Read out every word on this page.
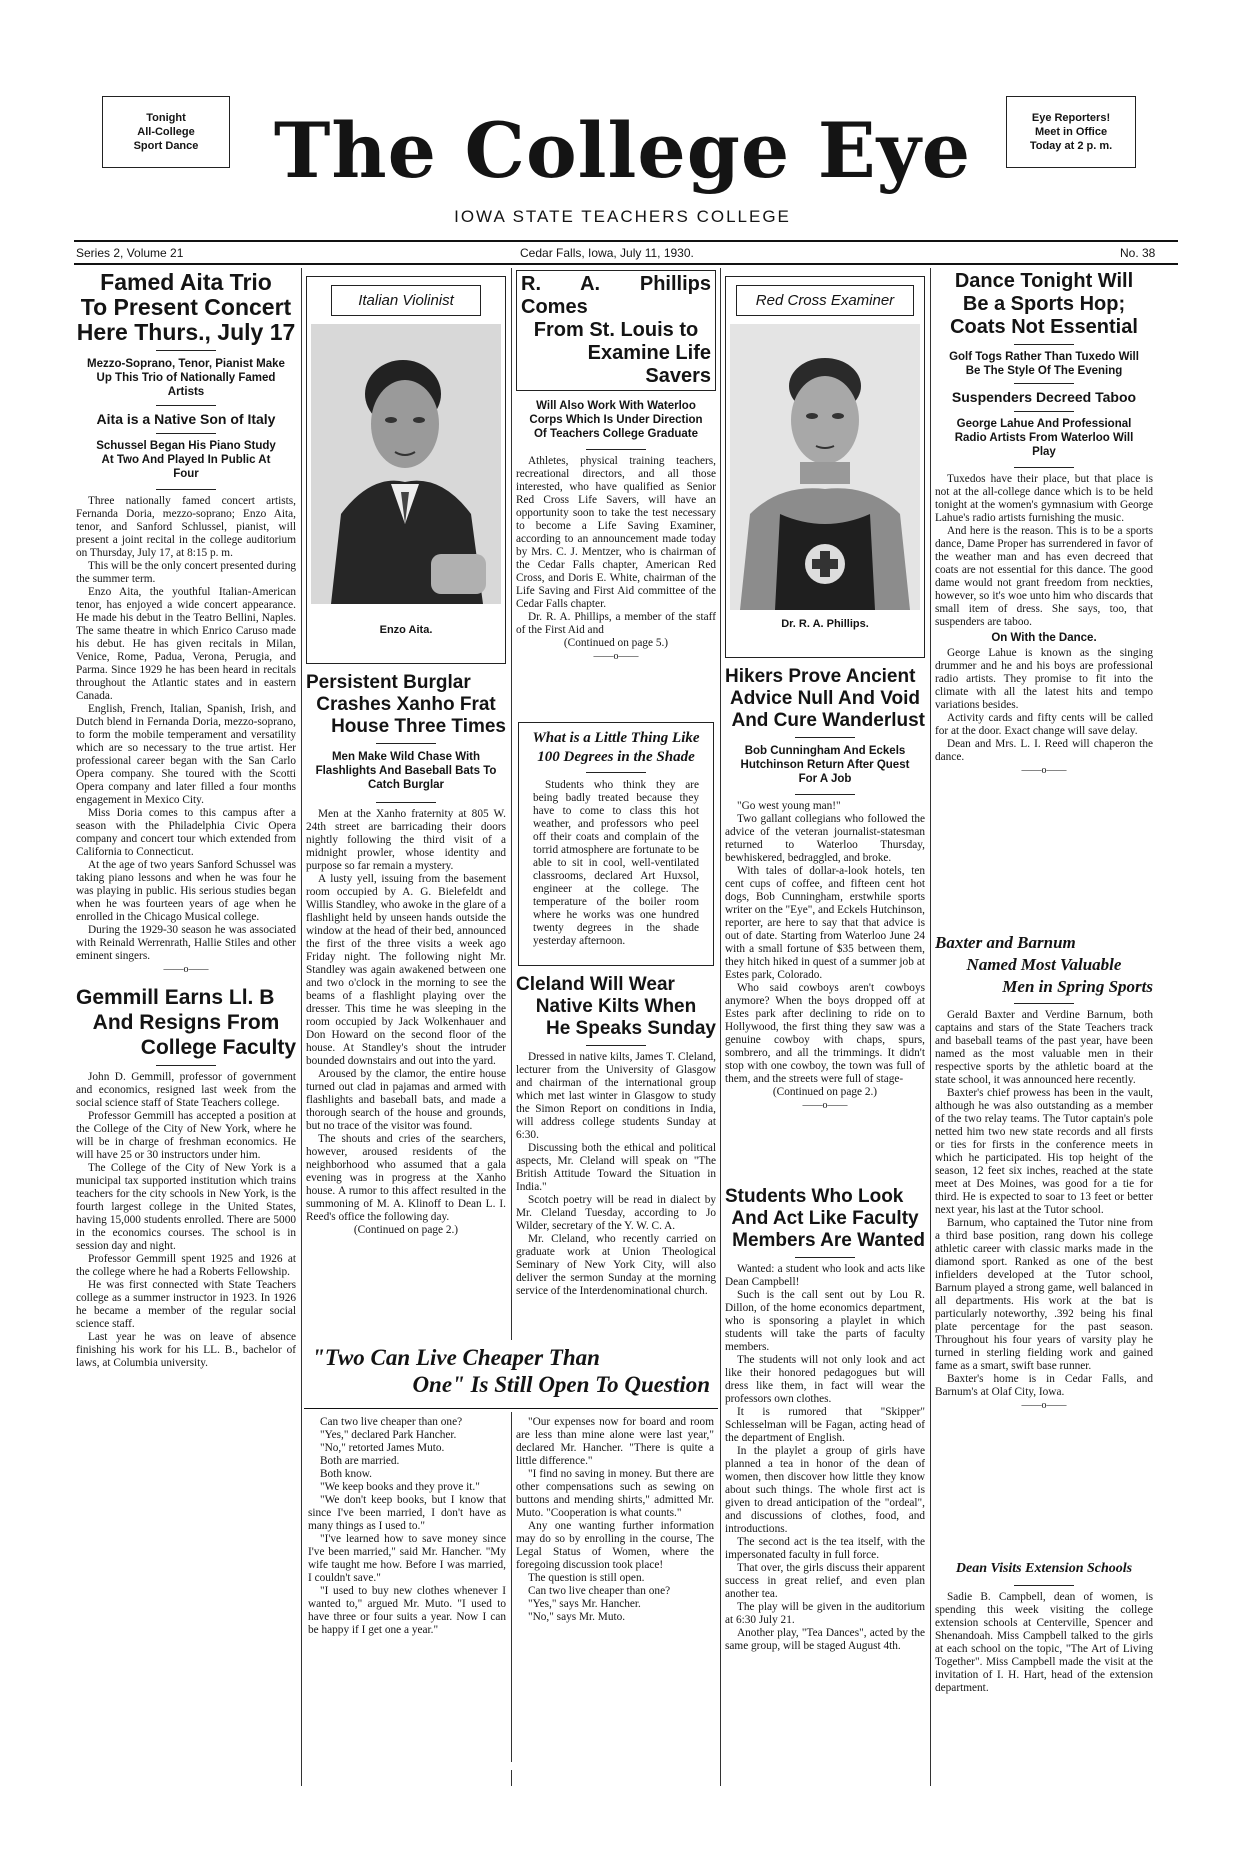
Tonight
All-College
Sport Dance
Eye Reporters!
Meet in Office
Today at 2 p. m.
The College Eye
IOWA STATE TEACHERS COLLEGE
Series 2, Volume 21	Cedar Falls, Iowa, July 11, 1930.	No. 38
Famed Aita Trio
To Present Concert
Here Thurs., July 17

Mezzo-Soprano, Tenor, Pianist Make Up This Trio of Nationally Famed Artists

Aita is a Native Son of Italy

Schussel Began His Piano Study At Two And Played In Public At Four

Three nationally famed concert artists, Fernanda Doria, mezzo-soprano; Enzo Aita, tenor, and Sanford Schlussel, pianist, will present a joint recital in the college auditorium on Thursday, July 17, at 8:15 p. m.

This will be the only concert presented during the summer term.

Enzo Aita, the youthful Italian-American tenor, has enjoyed a wide concert appearance. He made his debut in the Teatro Bellini, Naples. The same theatre in which Enrico Caruso made his debut. He has given recitals in Milan, Venice, Rome, Padua, Verona, Perugia, and Parma. Since 1929 he has been heard in recitals throughout the Atlantic states and in eastern Canada.

English, French, Italian, Spanish, Irish, and Dutch blend in Fernanda Doria, mezzo-soprano, to form the mobile temperament and versatility which are so necessary to the true artist. Her professional career began with the San Carlo Opera company. She toured with the Scotti Opera company and later filled a four months engagement in Mexico City.

Miss Doria comes to this campus after a season with the Philadelphia Civic Opera company and concert tour which extended from California to Connecticut.

At the age of two years Sanford Schussel was taking piano lessons and when he was four he was playing in public. His serious studies began when he was fourteen years of age when he enrolled in the Chicago Musical college.

During the 1929-30 season he was associated with Reinald Werrenrath, Hallie Stiles and other eminent singers.

——o——
Gemmill Earns Ll. B
And Resigns From
College Faculty

John D. Gemmill, professor of government and economics, resigned last week from the social science staff of State Teachers college.

Professor Gemmill has accepted a position at the College of the City of New York, where he will be in charge of freshman economics. He will have 25 or 30 instructors under him.

The College of the City of New York is a municipal tax supported institution which trains teachers for the city schools in New York, is the fourth largest college in the United States, having 15,000 students enrolled. There are 5000 in the economics courses. The school is in session day and night.

Professor Gemmill spent 1925 and 1926 at the college where he had a Roberts Fellowship.

He was first connected with State Teachers college as a summer instructor in 1923. In 1926 he became a member of the regular social science staff.

Last year he was on leave of absence finishing his work for his LL. B., bachelor of laws, at Columbia university.

Italian Violinist
Enzo Aita.
Persistent Burglar
Crashes Xanho Frat
House Three Times

Men Make Wild Chase With Flashlights And Baseball Bats To Catch Burglar

Men at the Xanho fraternity at 805 W. 24th street are barricading their doors nightly following the third visit of a midnight prowler, whose identity and purpose so far remain a mystery.

A lusty yell, issuing from the basement room occupied by A. G. Bielefeldt and Willis Standley, who awoke in the glare of a flashlight held by unseen hands outside the window at the head of their bed, announced the first of the three visits a week ago Friday night. The following night Mr. Standley was again awakened between one and two o'clock in the morning to see the beams of a flashlight playing over the dresser. This time he was sleeping in the room occupied by Jack Wolkenhauer and Don Howard on the second floor of the house. At Standley's shout the intruder bounded downstairs and out into the yard.

Aroused by the clamor, the entire house turned out clad in pajamas and armed with flashlights and baseball bats, and made a thorough search of the house and grounds, but no trace of the visitor was found.

The shouts and cries of the searchers, however, aroused residents of the neighborhood who assumed that a gala evening was in progress at the Xanho house. A rumor to this affect resulted in the summoning of M. A. Klinoff to Dean L. I. Reed's office the following day.

(Continued on page 2.)
R. A. Phillips Comes
From St. Louis to
Examine Life Savers

Will Also Work With Waterloo Corps Which Is Under Direction Of Teachers College Graduate

Athletes, physical training teachers, recreational directors, and all those interested, who have qualified as Senior Red Cross Life Savers, will have an opportunity soon to take the test necessary to become a Life Saving Examiner, according to an announcement made today by Mrs. C. J. Mentzer, who is chairman of the Cedar Falls chapter, American Red Cross, and Doris E. White, chairman of the Life Saving and First Aid committee of the Cedar Falls chapter.

Dr. R. A. Phillips, a member of the staff of the First Aid and

(Continued on page 5.)
——o——
What is a Little Thing Like 100 Degrees in the Shade

Students who think they are being badly treated because they have to come to class this hot weather, and professors who peel off their coats and complain of the torrid atmosphere are fortunate to be able to sit in cool, well-ventilated classrooms, declared Art Huxsol, engineer at the college. The temperature of the boiler room where he works was one hundred twenty degrees in the shade yesterday afternoon.

Cleland Will Wear
Native Kilts When
He Speaks Sunday

Dressed in native kilts, James T. Cleland, lecturer from the University of Glasgow and chairman of the international group which met last winter in Glasgow to study the Simon Report on conditions in India, will address college students Sunday at 6:30.

Discussing both the ethical and political aspects, Mr. Cleland will speak on "The British Attitude Toward the Situation in India."

Scotch poetry will be read in dialect by Mr. Cleland Tuesday, according to Jo Wilder, secretary of the Y. W. C. A.

Mr. Cleland, who recently carried on graduate work at Union Theological Seminary of New York City, will also deliver the sermon Sunday at the morning service of the Interdenominational church.

Red Cross Examiner
Dr. R. A. Phillips.
Hikers Prove Ancient
Advice Null And Void
And Cure Wanderlust

Bob Cunningham And Eckels Hutchinson Return After Quest For A Job

"Go west young man!"

Two gallant collegians who followed the advice of the veteran journalist-statesman returned to Waterloo Thursday, bewhiskered, bedraggled, and broke.

With tales of dollar-a-look hotels, ten cent cups of coffee, and fifteen cent hot dogs, Bob Cunningham, erstwhile sports writer on the "Eye", and Eckels Hutchinson, reporter, are here to say that that advice is out of date. Starting from Waterloo June 24 with a small fortune of $35 between them, they hitch hiked in quest of a summer job at Estes park, Colorado.

Who said cowboys aren't cowboys anymore? When the boys dropped off at Estes park after declining to ride on to Hollywood, the first thing they saw was a genuine cowboy with chaps, spurs, sombrero, and all the trimmings. It didn't stop with one cowboy, the town was full of them, and the streets were full of stage-

(Continued on page 2.)
——o——
Students Who Look
And Act Like Faculty
Members Are Wanted

Wanted: a student who look and acts like Dean Campbell!

Such is the call sent out by Lou R. Dillon, of the home economics department, who is sponsoring a playlet in which students will take the parts of faculty members.

The students will not only look and act like their honored pedagogues but will dress like them, in fact will wear the professors own clothes.

It is rumored that "Skipper" Schlesselman will be Fagan, acting head of the department of English.

In the playlet a group of girls have planned a tea in honor of the dean of women, then discover how little they know about such things. The whole first act is given to dread anticipation of the "ordeal", and discussions of clothes, food, and introductions.

The second act is the tea itself, with the impersonated faculty in full force.

That over, the girls discuss their apparent success in great relief, and even plan another tea.

The play will be given in the auditorium at 6:30 July 21.

Another play, "Tea Dances", acted by the same group, will be staged August 4th.

Dance Tonight Will
Be a Sports Hop;
Coats Not Essential

Golf Togs Rather Than Tuxedo Will Be The Style Of The Evening

Suspenders Decreed Taboo

George Lahue And Professional Radio Artists From Waterloo Will Play

Tuxedos have their place, but that place is not at the all-college dance which is to be held tonight at the women's gymnasium with George Lahue's radio artists furnishing the music.

And here is the reason. This is to be a sports dance, Dame Proper has surrendered in favor of the weather man and has even decreed that coats are not essential for this dance. The good dame would not grant freedom from neckties, however, so it's woe unto him who discards that small item of dress. She says, too, that suspenders are taboo.

On With the Dance.

George Lahue is known as the singing drummer and he and his boys are professional radio artists. They promise to fit into the climate with all the latest hits and tempo variations besides.

Activity cards and fifty cents will be called for at the door. Exact change will save delay.

Dean and Mrs. L. I. Reed will chaperon the dance.

——o——
Baxter and Barnum
Named Most Valuable
Men in Spring Sports

Gerald Baxter and Verdine Barnum, both captains and stars of the State Teachers track and baseball teams of the past year, have been named as the most valuable men in their respective sports by the athletic board at the state school, it was announced here recently.

Baxter's chief prowess has been in the vault, although he was also outstanding as a member of the two relay teams. The Tutor captain's pole netted him two new state records and all firsts or ties for firsts in the conference meets in which he participated. His top height of the season, 12 feet six inches, reached at the state meet at Des Moines, was good for a tie for third. He is expected to soar to 13 feet or better next year, his last at the Tutor school.

Barnum, who captained the Tutor nine from a third base position, rang down his college athletic career with classic marks made in the diamond sport. Ranked as one of the best infielders developed at the Tutor school, Barnum played a strong game, well balanced in all departments. His work at the bat is particularly noteworthy, .392 being his final plate percentage for the past season. Throughout his four years of varsity play he turned in sterling fielding work and gained fame as a smart, swift base runner.

Baxter's home is in Cedar Falls, and Barnum's at Olaf City, Iowa.

——o——
Dean Visits Extension Schools

Sadie B. Campbell, dean of women, is spending this week visiting the college extension schools at Centerville, Spencer and Shenandoah. Miss Campbell talked to the girls at each school on the topic, "The Art of Living Together". Miss Campbell made the visit at the invitation of I. H. Hart, head of the extension department.

"Two Can Live Cheaper Than
One" Is Still Open To Question

Can two live cheaper than one?

"Yes," declared Park Hancher.

"No," retorted James Muto.

Both are married.

Both know.

"We keep books and they prove it."

"We don't keep books, but I know that since I've been married, I don't have as many things as I used to."

"I've learned how to save money since I've been married," said Mr. Hancher. "My wife taught me how. Before I was married, I couldn't save."

"I used to buy new clothes whenever I wanted to," argued Mr. Muto. "I used to have three or four suits a year. Now I can be happy if I get one a year."

"Our expenses now for board and room are less than mine alone were last year," declared Mr. Hancher. "There is quite a little difference."

"I find no saving in money. But there are other compensations such as sewing on buttons and mending shirts," admitted Mr. Muto. "Cooperation is what counts."

Any one wanting further information may do so by enrolling in the course, The Legal Status of Women, where the foregoing discussion took place!

The question is still open.

Can two live cheaper than one?

"Yes," says Mr. Hancher.

"No," says Mr. Muto.
